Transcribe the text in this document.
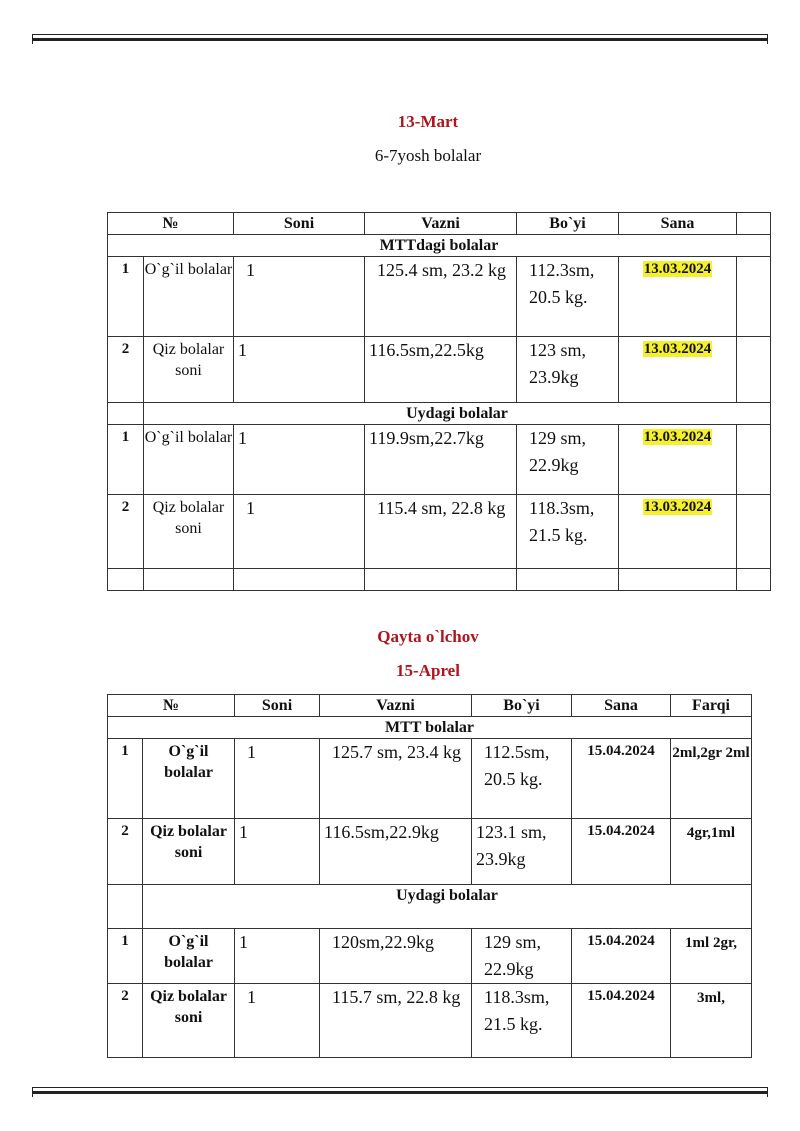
13-Mart
6-7yosh bolalar
№		Soni	Vazni	Bo`yi	Sana	
MTTdagi bolalar						
1	O`g`il bolalar	1	125.4 sm, 23.2 kg	112.3sm, 20.5 kg.	13.03.2024	
2	Qiz bolalar soni	1	116.5sm,22.5kg	123 sm, 23.9kg	13.03.2024	
	Uydagi bolalar					
1	O`g`il bolalar	1	119.9sm,22.7kg	129 sm, 22.9kg	13.03.2024	
2	Qiz bolalar soni	1	115.4 sm, 22.8 kg	118.3sm, 21.5 kg.	13.03.2024	

Qayta o`lchov
15-Aprel
№		Soni	Vazni	Bo`yi	Sana	Farqi
MTT bolalar						
1	O`g`il bolalar	1	125.7 sm, 23.4 kg	112.5sm, 20.5 kg.	15.04.2024	2ml,2gr 2ml
2	Qiz bolalar soni	1	116.5sm,22.9kg	123.1 sm, 23.9kg	15.04.2024	4gr,1ml
	Uydagi bolalar					
1	O`g`il bolalar	1	120sm,22.9kg	129 sm, 22.9kg	15.04.2024	1ml 2gr,
2	Qiz bolalar soni	1	115.7 sm, 22.8 kg	118.3sm, 21.5 kg.	15.04.2024	3ml,
